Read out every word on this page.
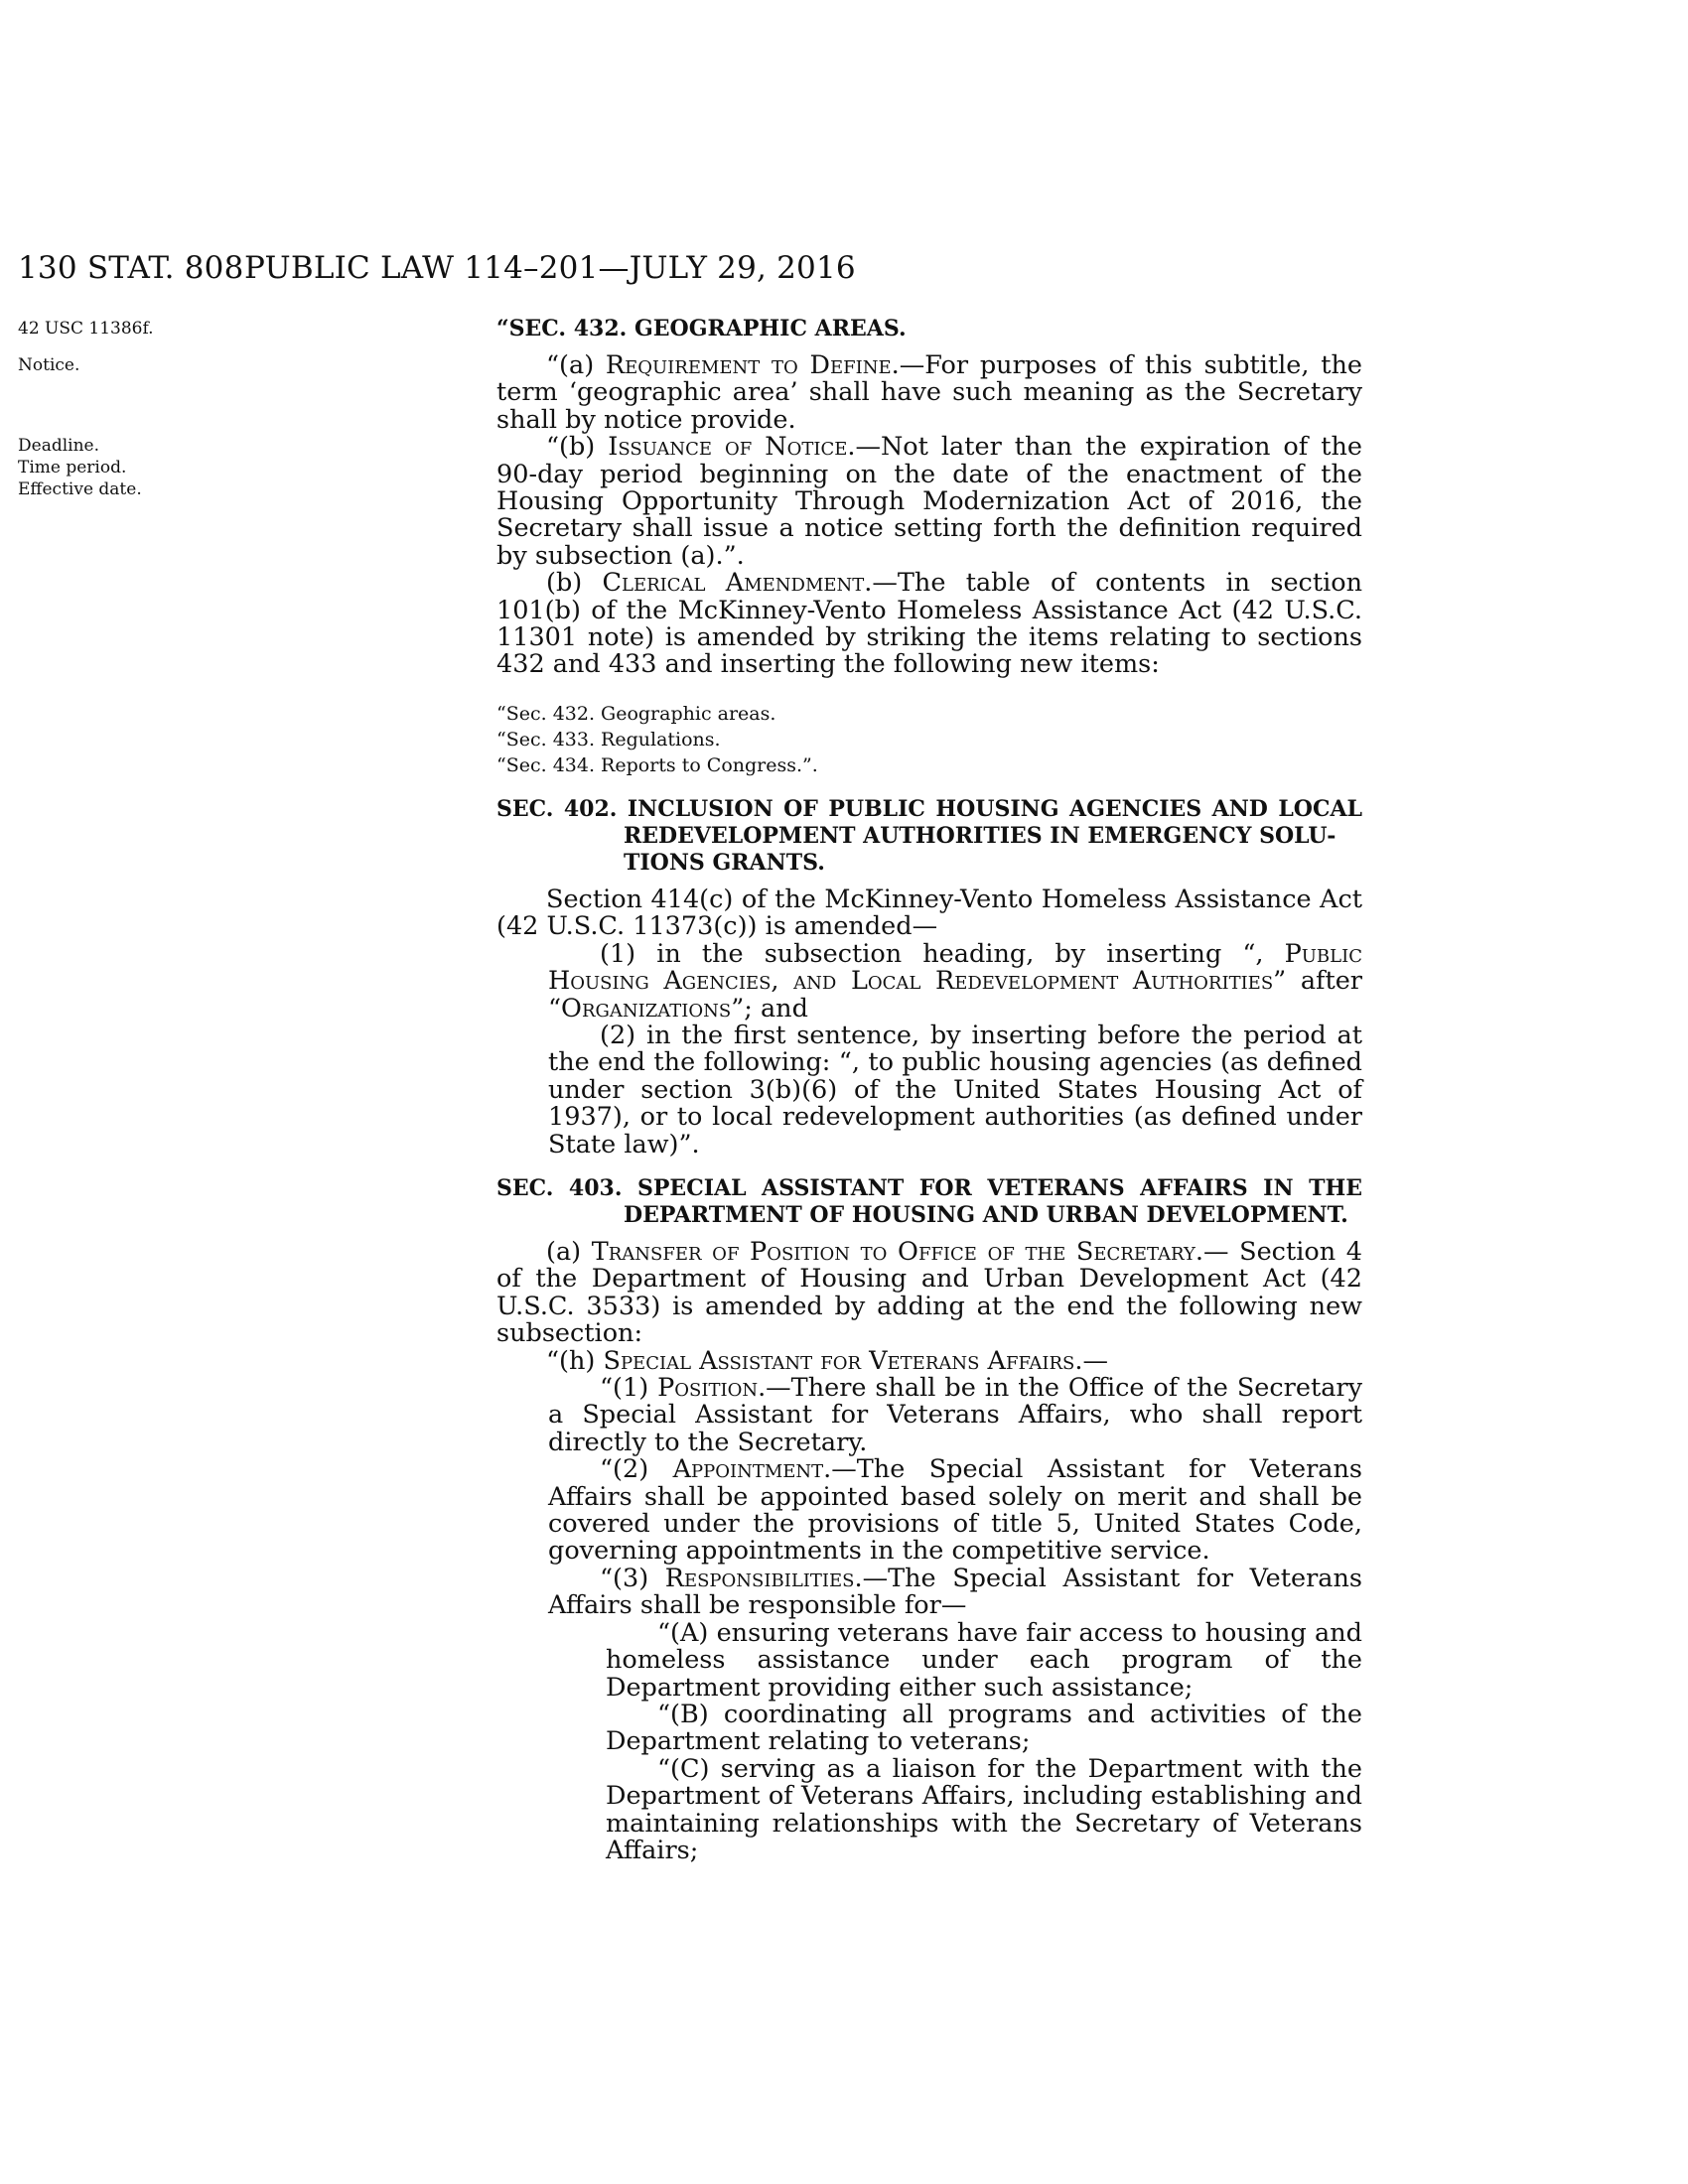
130 STAT. 808 PUBLIC LAW 114–201—JULY 29, 2016
42 USC 11386f.
Notice.
Deadline.
Time period.
Effective date.
“SEC. 432. GEOGRAPHIC AREAS.

“(a) Requirement to Define.—For purposes of this subtitle, the term ‘geographic area’ shall have such meaning as the Secretary shall by notice provide.

“(b) Issuance of Notice.—Not later than the expiration of the 90-day period beginning on the date of the enactment of the Housing Opportunity Through Modernization Act of 2016, the Secretary shall issue a notice setting forth the definition required by subsection (a).”.

(b) Clerical Amendment.—The table of contents in section 101(b) of the McKinney-Vento Homeless Assistance Act (42 U.S.C. 11301 note) is amended by striking the items relating to sections 432 and 433 and inserting the following new items:

“Sec. 432. Geographic areas.
“Sec. 433. Regulations.
“Sec. 434. Reports to Congress.”.
SEC. 402. INCLUSION OF PUBLIC HOUSING AGENCIES AND LOCAL REDEVELOPMENT AUTHORITIES IN EMERGENCY SOLU-
TIONS GRANTS.

Section 414(c) of the McKinney-Vento Homeless Assistance Act (42 U.S.C. 11373(c)) is amended—

(1) in the subsection heading, by inserting “, Public Housing Agencies, and Local Redevelopment Authorities” after “Organizations”; and

(2) in the first sentence, by inserting before the period at the end the following: “, to public housing agencies (as defined under section 3(b)(6) of the United States Housing Act of 1937), or to local redevelopment authorities (as defined under State law)”.

SEC. 403. SPECIAL ASSISTANT FOR VETERANS AFFAIRS IN THE DEPARTMENT OF HOUSING AND URBAN DEVELOPMENT.

(a) Transfer of Position to Office of the Secretary.— Section 4 of the Department of Housing and Urban Development Act (42 U.S.C. 3533) is amended by adding at the end the following new subsection:

“(h) Special Assistant for Veterans Affairs.—

“(1) Position.—There shall be in the Office of the Secretary a Special Assistant for Veterans Affairs, who shall report directly to the Secretary.

“(2) Appointment.—The Special Assistant for Veterans Affairs shall be appointed based solely on merit and shall be covered under the provisions of title 5, United States Code, governing appointments in the competitive service.

“(3) Responsibilities.—The Special Assistant for Veterans Affairs shall be responsible for—

“(A) ensuring veterans have fair access to housing and homeless assistance under each program of the Department providing either such assistance;

“(B) coordinating all programs and activities of the Department relating to veterans;

“(C) serving as a liaison for the Department with the Department of Veterans Affairs, including establishing and maintaining relationships with the Secretary of Veterans Affairs;
